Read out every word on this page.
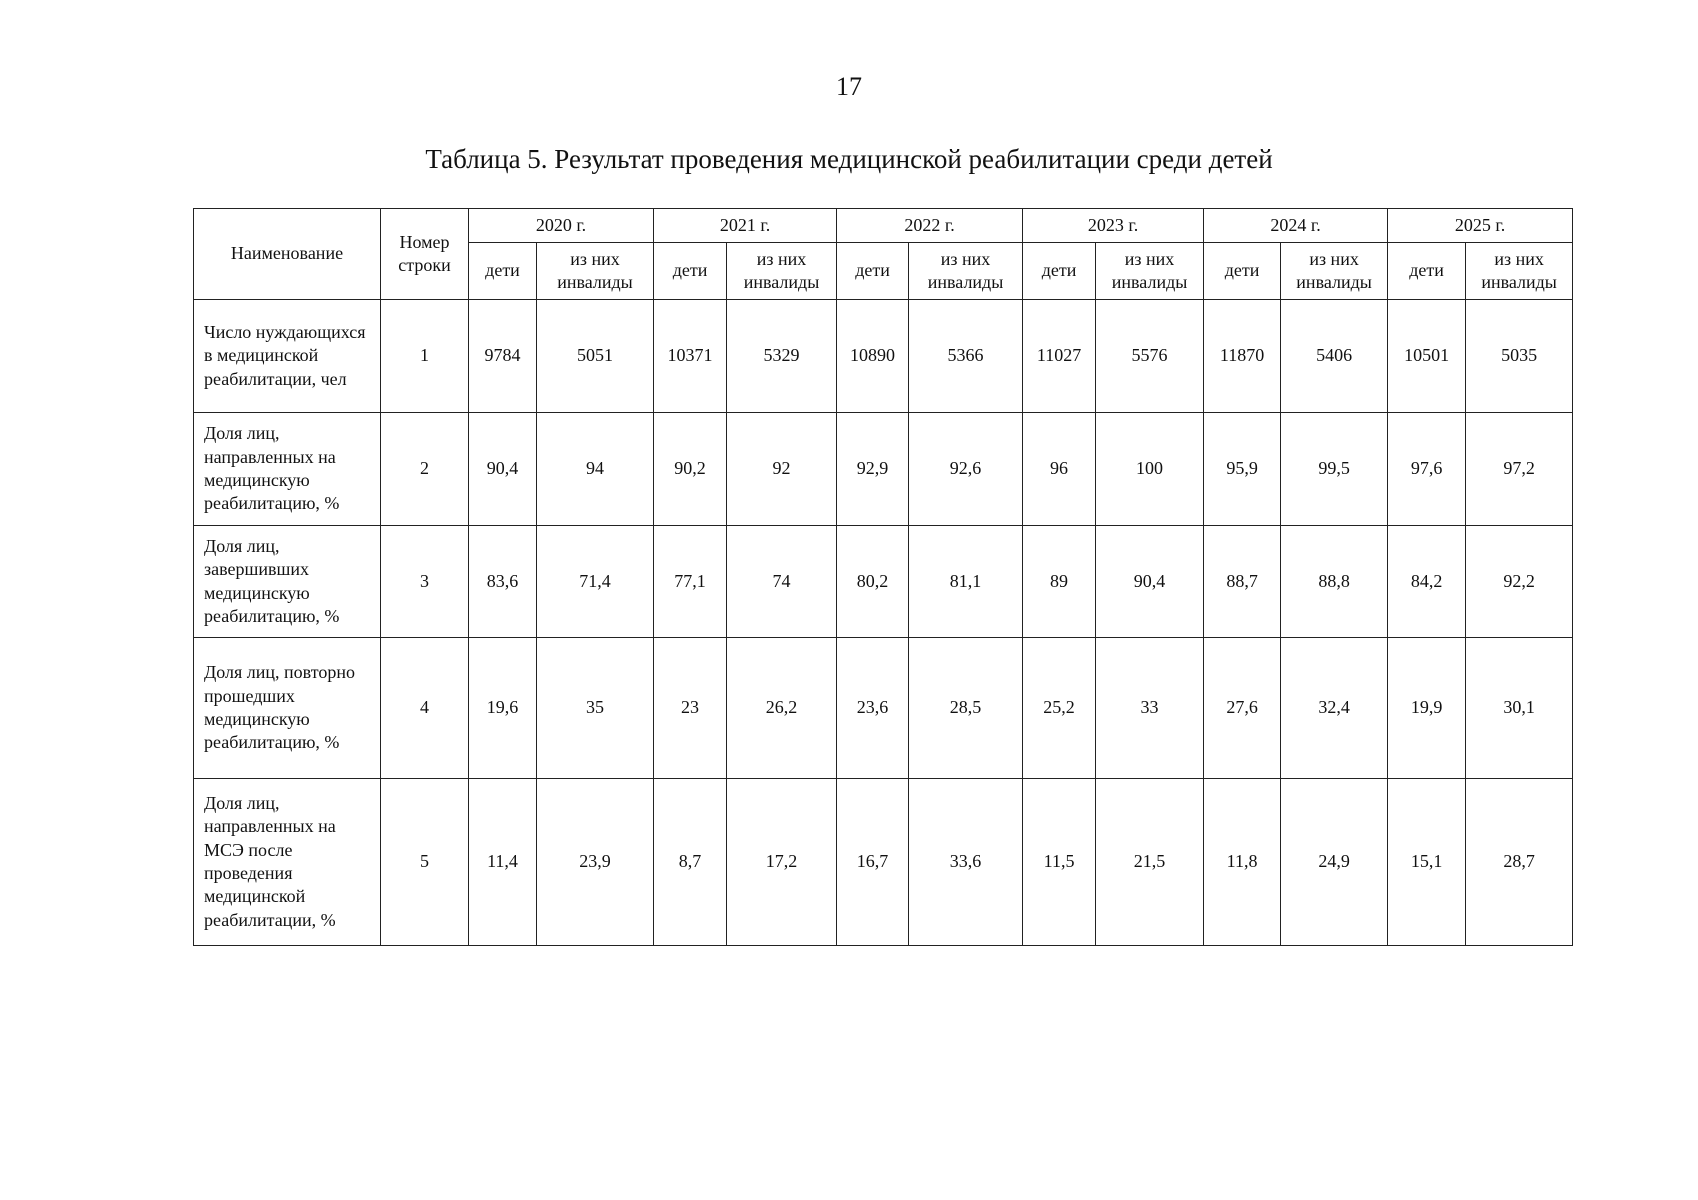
17
Таблица 5. Результат проведения медицинской реабилитации среди детей
Наименование	Номер строки	2020 г.		2021 г.		2022 г.		2023 г.		2024 г.		2025 г.	
		дети	из них инвалиды	дети	из них инвалиды	дети	из них инвалиды	дети	из них инвалиды	дети	из них инвалиды	дети	из них инвалиды
Число нуждающихся в медицинской реабилитации, чел	1	9784	5051	10371	5329	10890	5366	11027	5576	11870	5406	10501	5035
Доля лиц, направленных на медицинскую реабилитацию, %	2	90,4	94	90,2	92	92,9	92,6	96	100	95,9	99,5	97,6	97,2
Доля лиц, завершивших медицинскую реабилитацию, %	3	83,6	71,4	77,1	74	80,2	81,1	89	90,4	88,7	88,8	84,2	92,2
Доля лиц, повторно прошедших медицинскую реабилитацию, %	4	19,6	35	23	26,2	23,6	28,5	25,2	33	27,6	32,4	19,9	30,1
Доля лиц, направленных на МСЭ после проведения медицинской реабилитации, %	5	11,4	23,9	8,7	17,2	16,7	33,6	11,5	21,5	11,8	24,9	15,1	28,7
